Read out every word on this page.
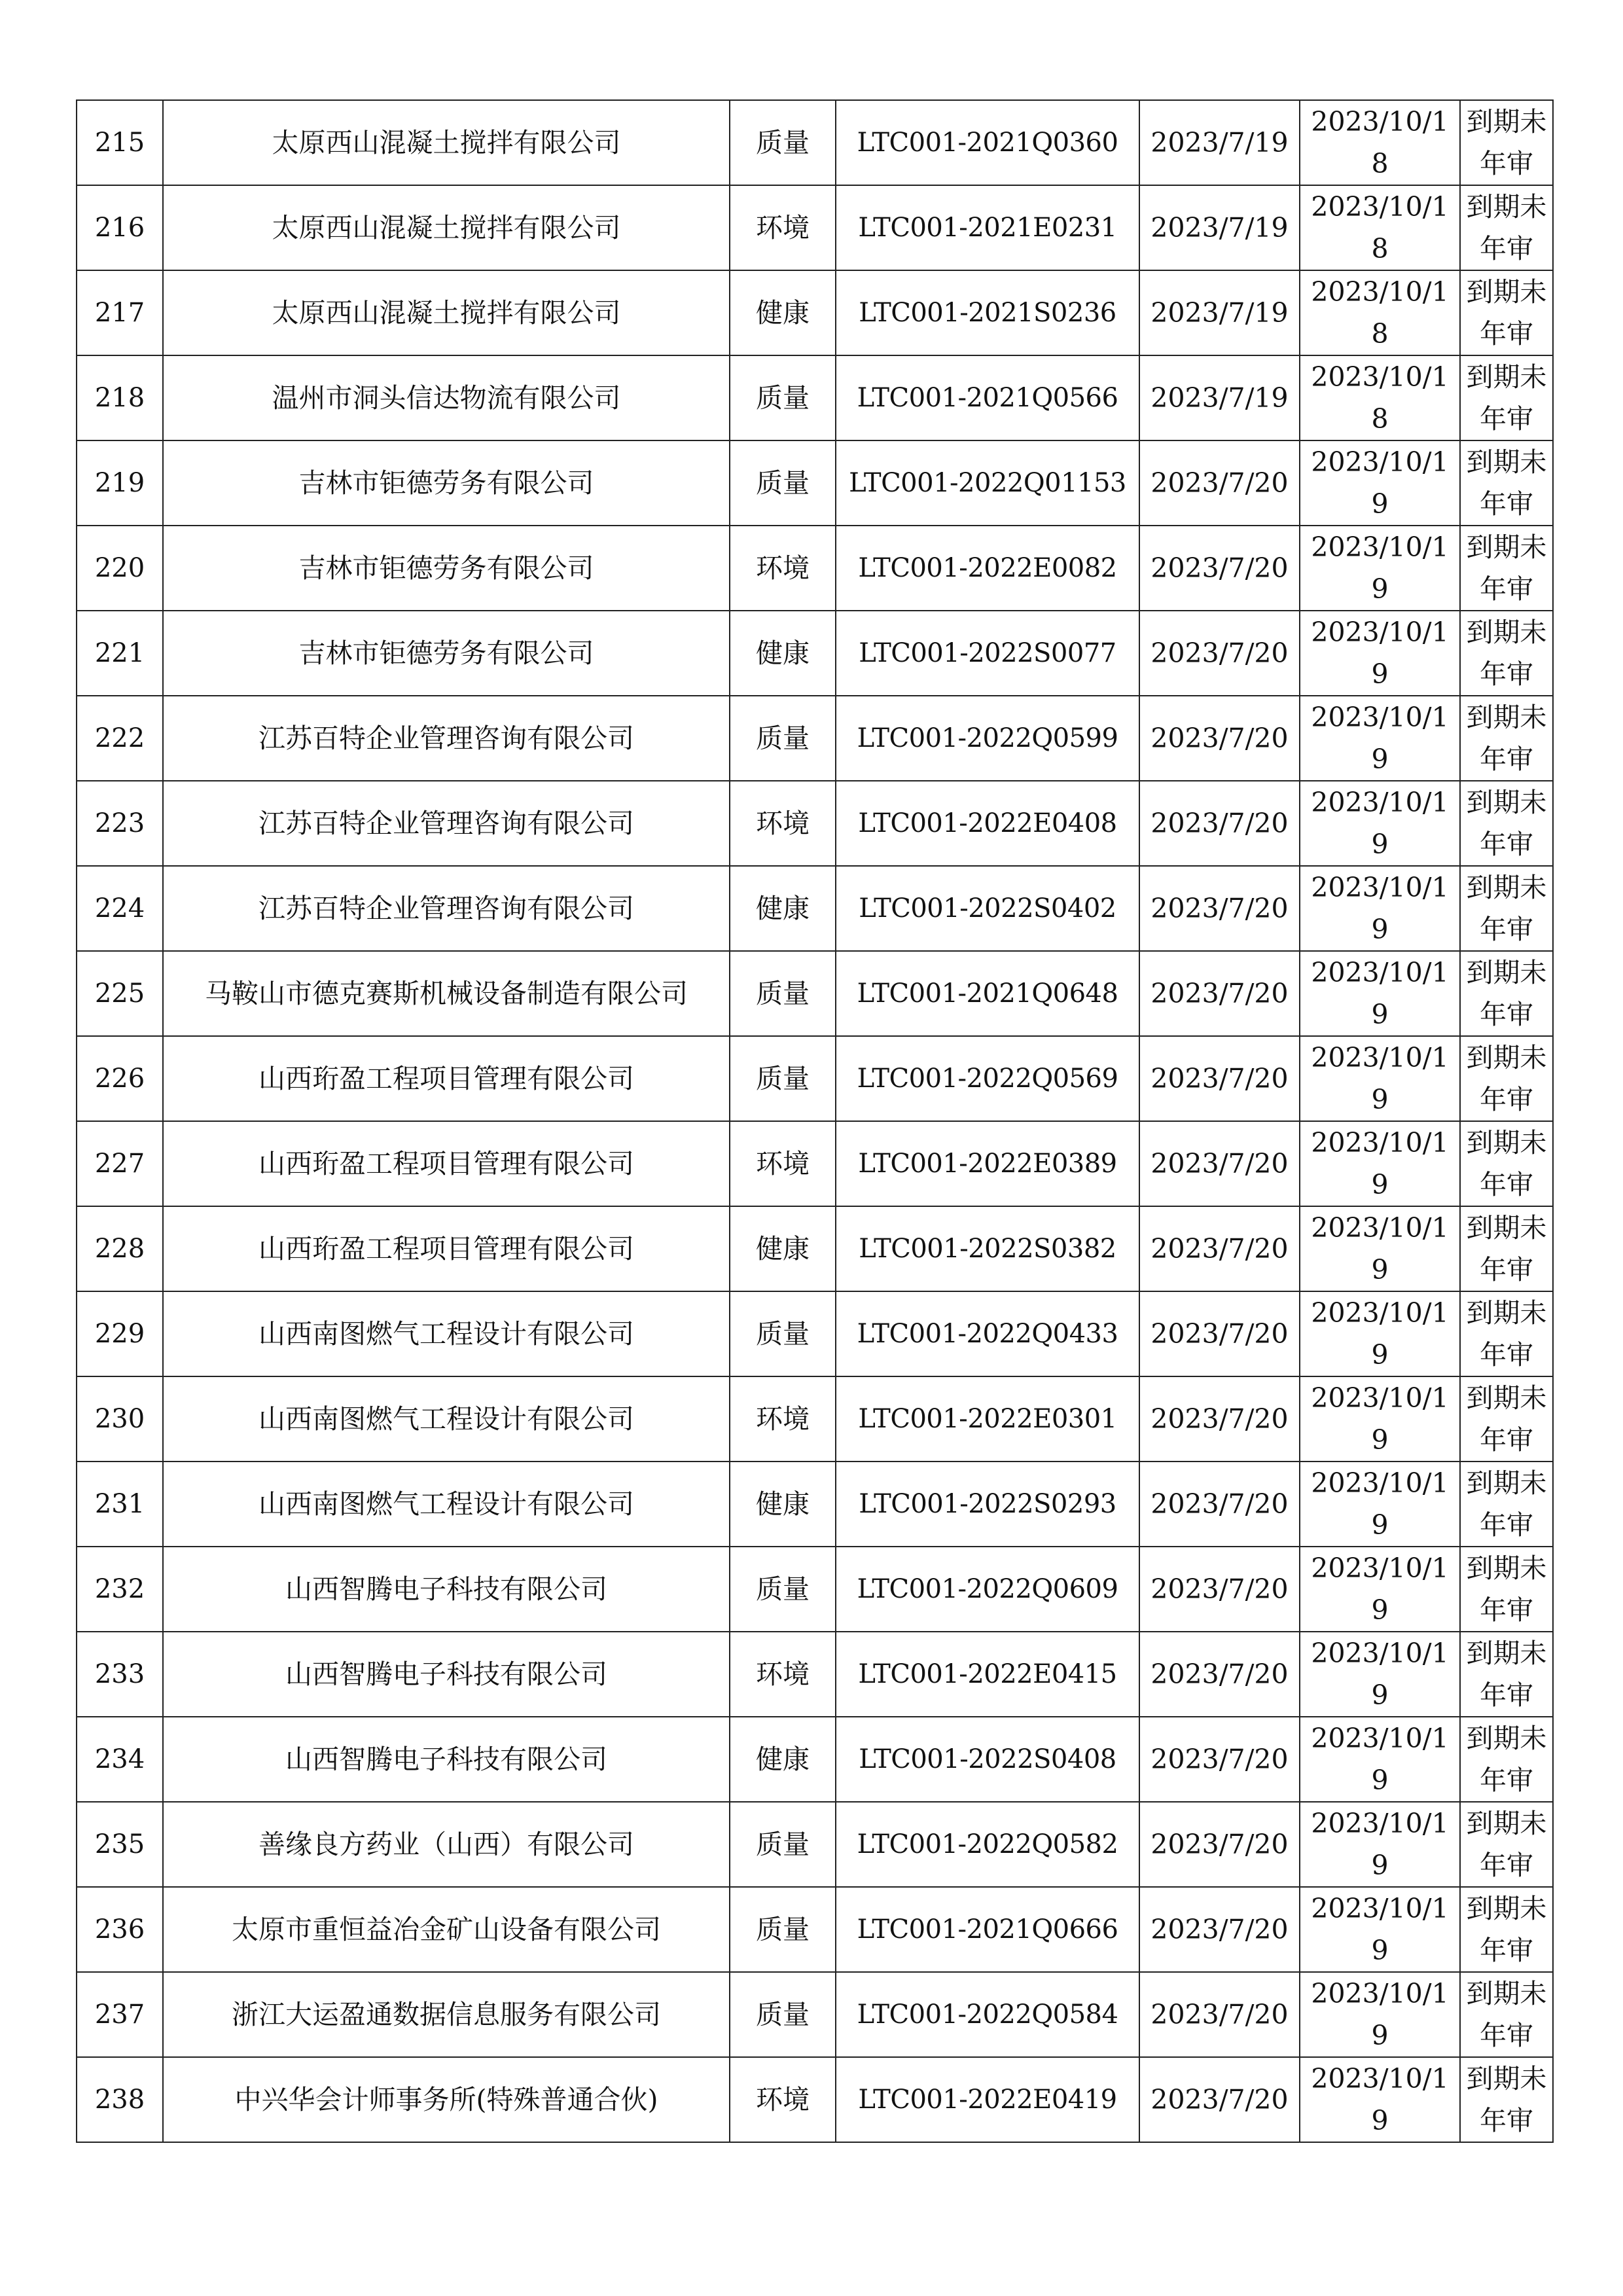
215	太原西山混凝土搅拌有限公司	质量	LTC001-2021Q0360	2023/7/19	2023/10/18	到期未年审
216	太原西山混凝土搅拌有限公司	环境	LTC001-2021E0231	2023/7/19	2023/10/18	到期未年审
217	太原西山混凝土搅拌有限公司	健康	LTC001-2021S0236	2023/7/19	2023/10/18	到期未年审
218	温州市洞头信达物流有限公司	质量	LTC001-2021Q0566	2023/7/19	2023/10/18	到期未年审
219	吉林市钜德劳务有限公司	质量	LTC001-2022Q01153	2023/7/20	2023/10/19	到期未年审
220	吉林市钜德劳务有限公司	环境	LTC001-2022E0082	2023/7/20	2023/10/19	到期未年审
221	吉林市钜德劳务有限公司	健康	LTC001-2022S0077	2023/7/20	2023/10/19	到期未年审
222	江苏百特企业管理咨询有限公司	质量	LTC001-2022Q0599	2023/7/20	2023/10/19	到期未年审
223	江苏百特企业管理咨询有限公司	环境	LTC001-2022E0408	2023/7/20	2023/10/19	到期未年审
224	江苏百特企业管理咨询有限公司	健康	LTC001-2022S0402	2023/7/20	2023/10/19	到期未年审
225	马鞍山市德克赛斯机械设备制造有限公司	质量	LTC001-2021Q0648	2023/7/20	2023/10/19	到期未年审
226	山西珩盈工程项目管理有限公司	质量	LTC001-2022Q0569	2023/7/20	2023/10/19	到期未年审
227	山西珩盈工程项目管理有限公司	环境	LTC001-2022E0389	2023/7/20	2023/10/19	到期未年审
228	山西珩盈工程项目管理有限公司	健康	LTC001-2022S0382	2023/7/20	2023/10/19	到期未年审
229	山西南图燃气工程设计有限公司	质量	LTC001-2022Q0433	2023/7/20	2023/10/19	到期未年审
230	山西南图燃气工程设计有限公司	环境	LTC001-2022E0301	2023/7/20	2023/10/19	到期未年审
231	山西南图燃气工程设计有限公司	健康	LTC001-2022S0293	2023/7/20	2023/10/19	到期未年审
232	山西智腾电子科技有限公司	质量	LTC001-2022Q0609	2023/7/20	2023/10/19	到期未年审
233	山西智腾电子科技有限公司	环境	LTC001-2022E0415	2023/7/20	2023/10/19	到期未年审
234	山西智腾电子科技有限公司	健康	LTC001-2022S0408	2023/7/20	2023/10/19	到期未年审
235	善缘良方药业（山西）有限公司	质量	LTC001-2022Q0582	2023/7/20	2023/10/19	到期未年审
236	太原市重恒益冶金矿山设备有限公司	质量	LTC001-2021Q0666	2023/7/20	2023/10/19	到期未年审
237	浙江大运盈通数据信息服务有限公司	质量	LTC001-2022Q0584	2023/7/20	2023/10/19	到期未年审
238	中兴华会计师事务所(特殊普通合伙)	环境	LTC001-2022E0419	2023/7/20	2023/10/19	到期未年审
